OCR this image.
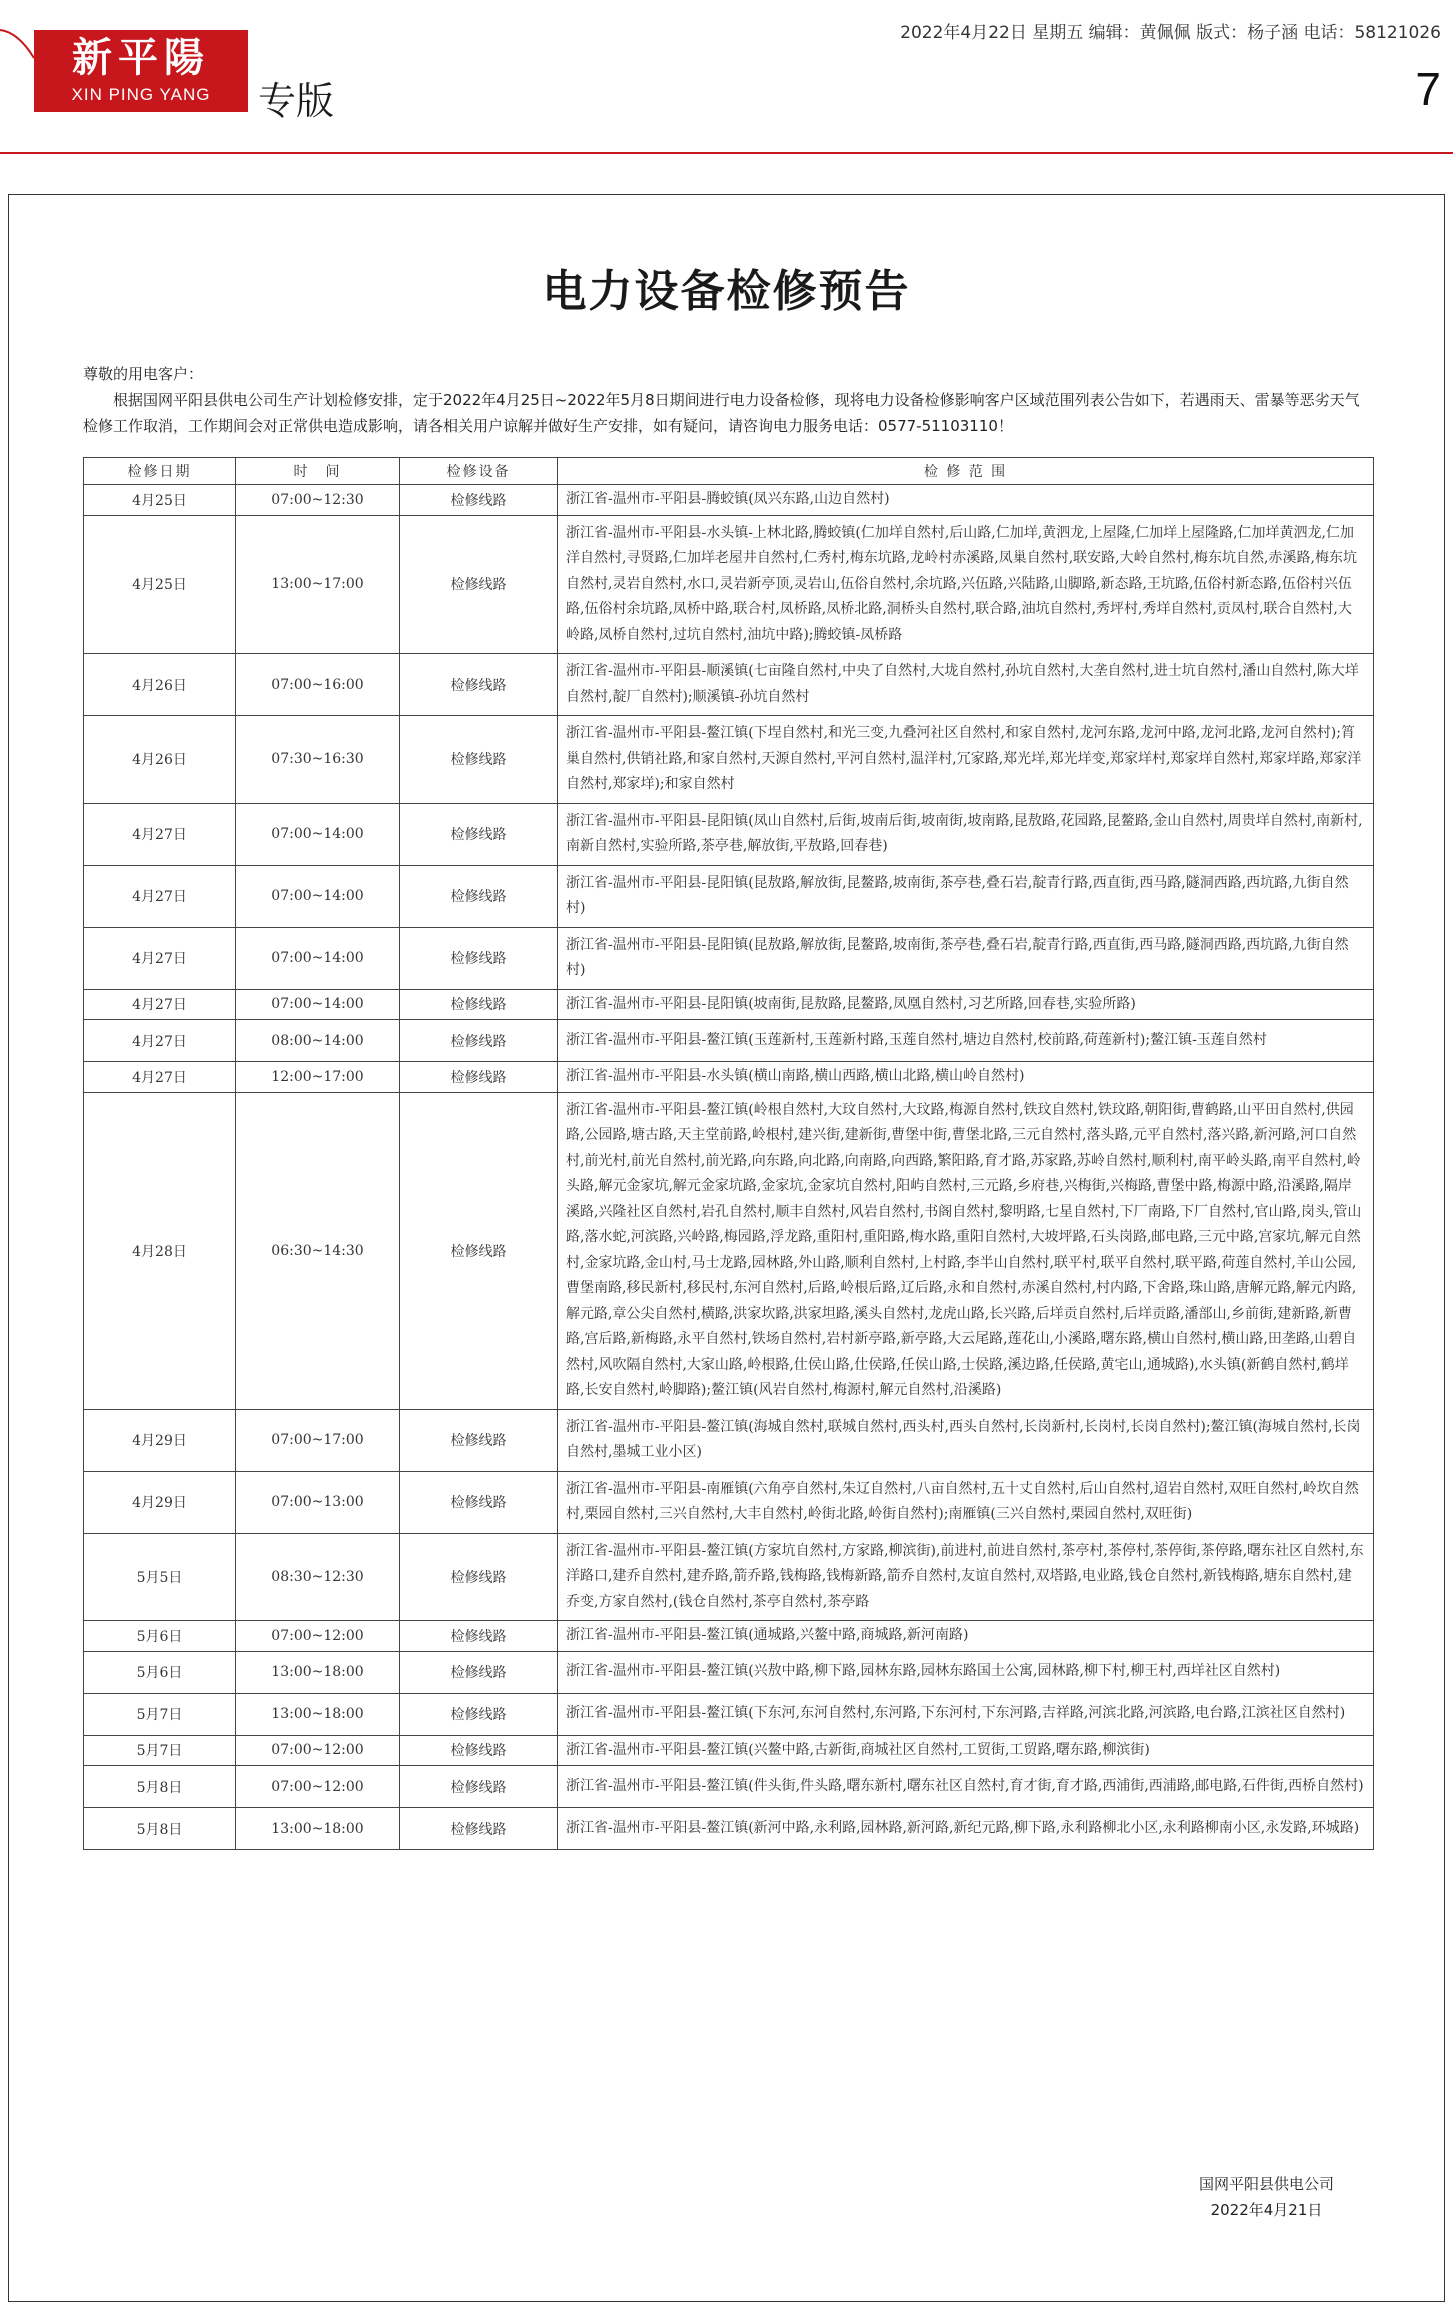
新平陽
XIN PING YANG	专版
2022年4月22日 星期五 编辑：黄佩佩 版式：杨子涵 电话：58121026
7
电力设备检修预告
尊敬的用电客户：
根据国网平阳县供电公司生产计划检修安排，定于2022年4月25日~2022年5月8日期间进行电力设备检修，现将电力设备检修影响客户区域范围列表公告如下，若遇雨天、雷暴等恶劣天气检修工作取消，工作期间会对正常供电造成影响，请各相关用户谅解并做好生产安排，如有疑问，请咨询电力服务电话：0577-51103110！
检修日期	时　间	检修设备	检 修 范 围
4月25日	07:00~12:30	检修线路	浙江省-温州市-平阳县-腾蛟镇(凤兴东路,山边自然村)
4月25日	13:00~17:00	检修线路	浙江省-温州市-平阳县-水头镇-上林北路,腾蛟镇(仁加垟自然村,后山路,仁加垟,黄泗龙,上屋隆,仁加垟上屋隆路,仁加垟黄泗龙,仁加洋自然村,寻贤路,仁加垟老屋井自然村,仁秀村,梅东坑路,龙岭村赤溪路,凤巢自然村,联安路,大岭自然村,梅东坑自然,赤溪路,梅东坑自然村,灵岩自然村,水口,灵岩新亭顶,灵岩山,伍俗自然村,余坑路,兴伍路,兴陆路,山脚路,新态路,王坑路,伍俗村新态路,伍俗村兴伍路,伍俗村余坑路,凤桥中路,联合村,凤桥路,凤桥北路,洞桥头自然村,联合路,油坑自然村,秀坪村,秀垟自然村,贡凤村,联合自然村,大岭路,凤桥自然村,过坑自然村,油坑中路);腾蛟镇-凤桥路
4月26日	07:00~16:00	检修线路	浙江省-温州市-平阳县-顺溪镇(七亩隆自然村,中央了自然村,大垅自然村,孙坑自然村,大垄自然村,进士坑自然村,潘山自然村,陈大垟自然村,靛厂自然村);顺溪镇-孙坑自然村
4月26日	07:30~16:30	检修线路	浙江省-温州市-平阳县-鳌江镇(下埕自然村,和光三变,九叠河社区自然村,和家自然村,龙河东路,龙河中路,龙河北路,龙河自然村);筲巢自然村,供销社路,和家自然村,天源自然村,平河自然村,温洋村,冗家路,郑光垟,郑光垟变,郑家垟村,郑家垟自然村,郑家垟路,郑家洋自然村,郑家垟);和家自然村
4月27日	07:00~14:00	检修线路	浙江省-温州市-平阳县-昆阳镇(凤山自然村,后街,坡南后街,坡南街,坡南路,昆敖路,花园路,昆鳌路,金山自然村,周贵垟自然村,南新村,南新自然村,实验所路,茶亭巷,解放街,平敖路,回春巷)
4月27日	07:00~14:00	检修线路	浙江省-温州市-平阳县-昆阳镇(昆敖路,解放街,昆鳌路,坡南街,茶亭巷,叠石岩,靛青行路,西直街,西马路,隧洞西路,西坑路,九街自然村)
4月27日	07:00~14:00	检修线路	浙江省-温州市-平阳县-昆阳镇(昆敖路,解放街,昆鳌路,坡南街,茶亭巷,叠石岩,靛青行路,西直街,西马路,隧洞西路,西坑路,九街自然村)
4月27日	07:00~14:00	检修线路	浙江省-温州市-平阳县-昆阳镇(坡南街,昆敖路,昆鳌路,凤凰自然村,习艺所路,回春巷,实验所路)
4月27日	08:00~14:00	检修线路	浙江省-温州市-平阳县-鳌江镇(玉莲新村,玉莲新村路,玉莲自然村,塘边自然村,校前路,荷莲新村);鳌江镇-玉莲自然村
4月27日	12:00~17:00	检修线路	浙江省-温州市-平阳县-水头镇(横山南路,横山西路,横山北路,横山岭自然村)
4月28日	06:30~14:30	检修线路	浙江省-温州市-平阳县-鳌江镇(岭根自然村,大玟自然村,大玟路,梅源自然村,铁玟自然村,铁玟路,朝阳街,曹鹤路,山平田自然村,供园路,公园路,塘古路,天主堂前路,岭根村,建兴街,建新街,曹堡中街,曹堡北路,三元自然村,落头路,元平自然村,落兴路,新河路,河口自然村,前光村,前光自然村,前光路,向东路,向北路,向南路,向西路,繁阳路,育才路,苏家路,苏岭自然村,顺利村,南平岭头路,南平自然村,岭头路,解元金家坑,解元金家坑路,金家坑,金家坑自然村,阳屿自然村,三元路,乡府巷,兴梅街,兴梅路,曹堡中路,梅源中路,沿溪路,隔岸溪路,兴隆社区自然村,岩孔自然村,顺丰自然村,风岩自然村,书阁自然村,黎明路,七星自然村,下厂南路,下厂自然村,官山路,岗头,管山路,落水蛇,河滨路,兴岭路,梅园路,浮龙路,重阳村,重阳路,梅水路,重阳自然村,大坡坪路,石头岗路,邮电路,三元中路,宫家坑,解元自然村,金家坑路,金山村,马士龙路,园林路,外山路,顺利自然村,上村路,李半山自然村,联平村,联平自然村,联平路,荷莲自然村,羊山公园,曹堡南路,移民新村,移民村,东河自然村,后路,岭根后路,辽后路,永和自然村,赤溪自然村,村内路,下舍路,珠山路,唐解元路,解元内路,解元路,章公尖自然村,横路,洪家坎路,洪家坦路,溪头自然村,龙虎山路,长兴路,后垟贡自然村,后垟贡路,潘部山,乡前街,建新路,新曹路,宫后路,新梅路,永平自然村,铁场自然村,岩村新亭路,新亭路,大云尾路,莲花山,小溪路,曙东路,横山自然村,横山路,田垄路,山碧自然村,风吹隔自然村,大家山路,岭根路,仕侯山路,仕侯路,任侯山路,士侯路,溪边路,任侯路,黄宅山,通城路),水头镇(新鹤自然村,鹤垟路,长安自然村,岭脚路);鳌江镇(风岩自然村,梅源村,解元自然村,沿溪路)
4月29日	07:00~17:00	检修线路	浙江省-温州市-平阳县-鳌江镇(海城自然村,联城自然村,西头村,西头自然村,长岗新村,长岗村,长岗自然村);鳌江镇(海城自然村,长岗自然村,墨城工业小区)
4月29日	07:00~13:00	检修线路	浙江省-温州市-平阳县-南雁镇(六角亭自然村,朱辽自然村,八亩自然村,五十丈自然村,后山自然村,迢岩自然村,双旺自然村,岭坎自然村,栗园自然村,三兴自然村,大丰自然村,岭街北路,岭街自然村);南雁镇(三兴自然村,栗园自然村,双旺街)
5月5日	08:30~12:30	检修线路	浙江省-温州市-平阳县-鳌江镇(方家坑自然村,方家路,柳滨街),前进村,前进自然村,茶亭村,茶停村,茶停街,茶停路,曙东社区自然村,东洋路口,建乔自然村,建乔路,箭乔路,钱梅路,钱梅新路,箭乔自然村,友谊自然村,双塔路,电业路,钱仓自然村,新钱梅路,塘东自然村,建乔变,方家自然村,(钱仓自然村,茶亭自然村,茶亭路
5月6日	07:00~12:00	检修线路	浙江省-温州市-平阳县-鳌江镇(通城路,兴鳌中路,商城路,新河南路)
5月6日	13:00~18:00	检修线路	浙江省-温州市-平阳县-鳌江镇(兴敖中路,柳下路,园林东路,园林东路国土公寓,园林路,柳下村,柳王村,西垟社区自然村)
5月7日	13:00~18:00	检修线路	浙江省-温州市-平阳县-鳌江镇(下东河,东河自然村,东河路,下东河村,下东河路,吉祥路,河滨北路,河滨路,电台路,江滨社区自然村)
5月7日	07:00~12:00	检修线路	浙江省-温州市-平阳县-鳌江镇(兴鳌中路,古新街,商城社区自然村,工贸街,工贸路,曙东路,柳滨街)
5月8日	07:00~12:00	检修线路	浙江省-温州市-平阳县-鳌江镇(件头街,件头路,曙东新村,曙东社区自然村,育才街,育才路,西浦街,西浦路,邮电路,石件街,西桥自然村)
5月8日	13:00~18:00	检修线路	浙江省-温州市-平阳县-鳌江镇(新河中路,永利路,园林路,新河路,新纪元路,柳下路,永利路柳北小区,永利路柳南小区,永发路,环城路)
国网平阳县供电公司
2022年4月21日
